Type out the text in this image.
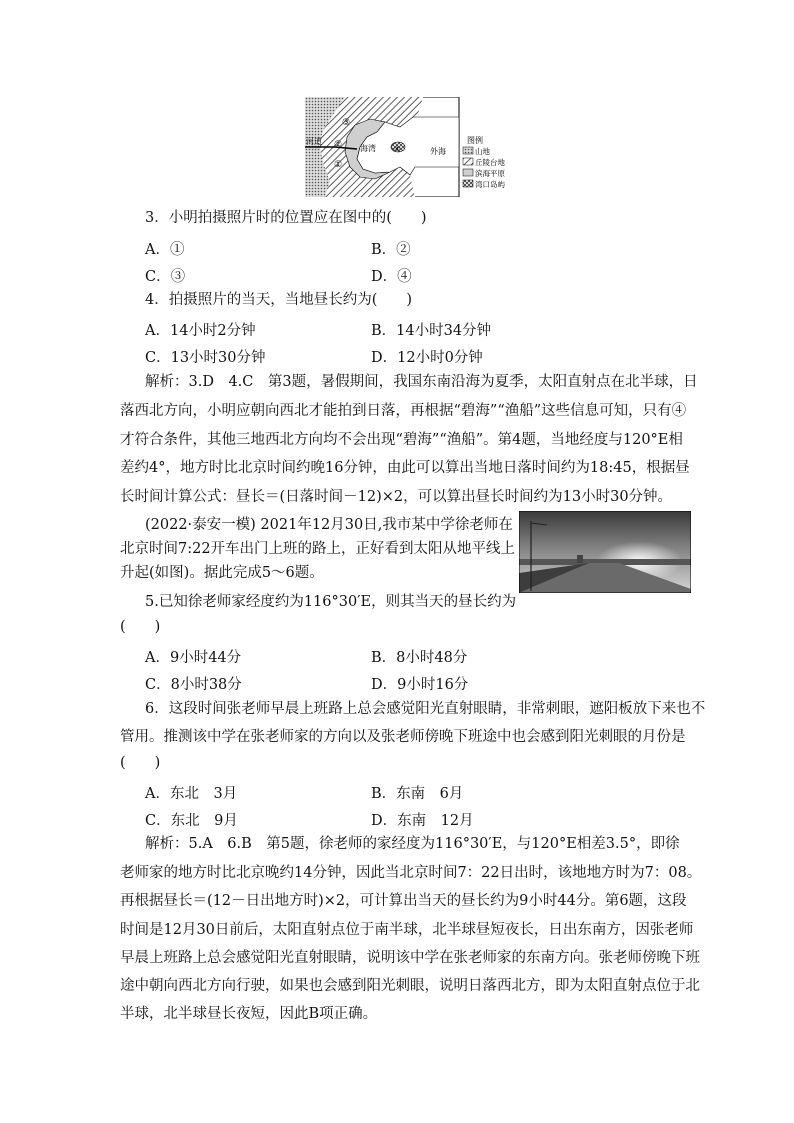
河道
海湾	外海
①
②
③
④
图例
山地
丘陵台地
滨海平原
湾口岛屿
3．小明拍摄照片时的位置应在图中的(　　)
A．①	B．②
C．③	D．④
4．拍摄照片的当天，当地昼长约为(　　)
A．14小时2分钟	B．14小时34分钟
C．13小时30分钟	D．12小时0分钟
解析：3.D　4.C　第3题，暑假期间，我国东南沿海为夏季，太阳直射点在北半球，日
落西北方向，小明应朝向西北才能拍到日落，再根据“碧海”“渔船”这些信息可知，只有④
才符合条件，其他三地西北方向均不会出现“碧海”“渔船”。第4题，当地经度与120°E相
差约4°，地方时比北京时间约晚16分钟，由此可以算出当地日落时间约为18:45，根据昼
长时间计算公式：昼长＝(日落时间－12)×2，可以算出昼长时间约为13小时30分钟。
(2022·泰安一模) 2021年12月30日,我市某中学徐老师在
北京时间7:22开车出门上班的路上，正好看到太阳从地平线上
升起(如图)。据此完成5～6题。
5.已知徐老师家经度约为116°30′E，则其当天的昼长约为
(　　)
A．9小时44分	B．8小时48分
C．8小时38分	D．9小时16分
6．这段时间张老师早晨上班路上总会感觉阳光直射眼睛，非常刺眼，遮阳板放下来也不
管用。推测该中学在张老师家的方向以及张老师傍晚下班途中也会感到阳光刺眼的月份是
(　　)
A．东北　3月	B．东南　6月
C．东北　9月	D．东南　12月
解析：5.A　6.B　第5题，徐老师的家经度为116°30′E，与120°E相差3.5°，即徐
老师家的地方时比北京晚约14分钟，因此当北京时间7：22日出时，该地地方时为7：08。
再根据昼长＝(12－日出地方时)×2，可计算出当天的昼长约为9小时44分。第6题，这段
时间是12月30日前后，太阳直射点位于南半球，北半球昼短夜长，日出东南方，因张老师
早晨上班路上总会感觉阳光直射眼睛，说明该中学在张老师家的东南方向。张老师傍晚下班
途中朝向西北方向行驶，如果也会感到阳光刺眼，说明日落西北方，即为太阳直射点位于北
半球，北半球昼长夜短，因此B项正确。
